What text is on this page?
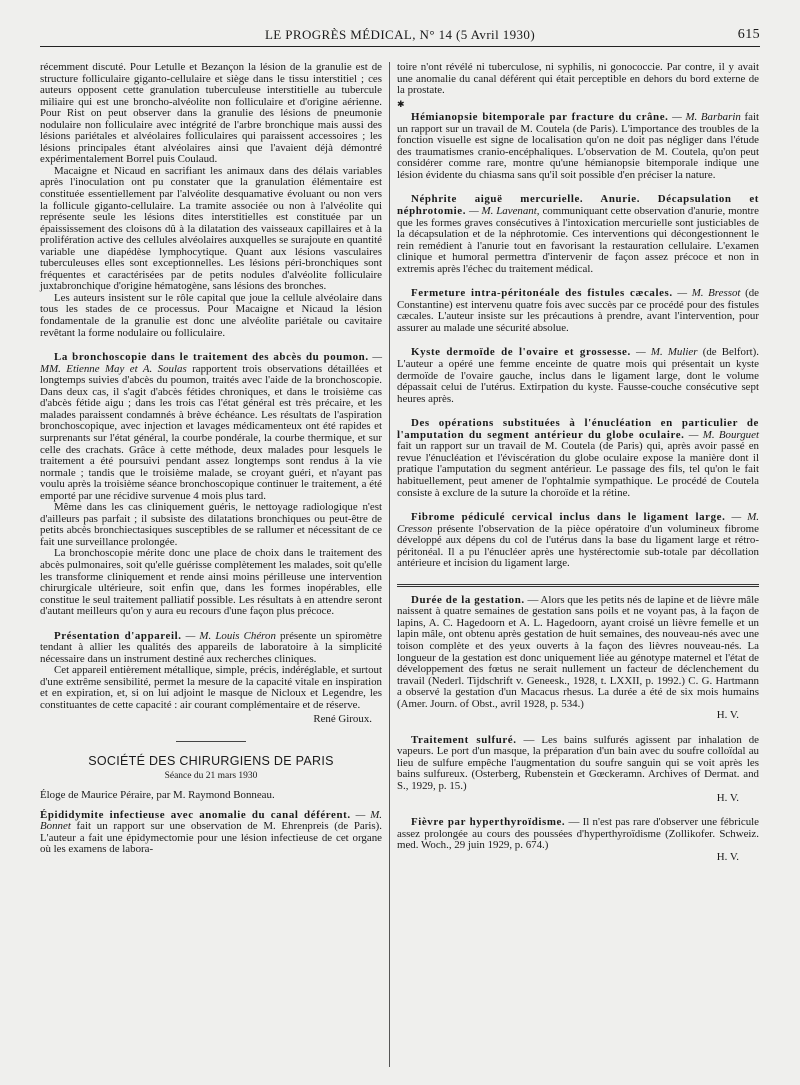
LE PROGRÈS MÉDICAL, N° 14 (5 Avril 1930)	615

récemment discuté. Pour Letulle et Bezançon la lésion de la granulie est de structure folliculaire giganto-cellulaire et siège dans le tissu interstitiel ; ces auteurs opposent cette granulation tuberculeuse interstitielle au tubercule miliaire qui est une broncho-alvéolite non folliculaire et d'origine aérienne. Pour Rist on peut observer dans la granulie des lésions de pneumonie nodulaire non folliculaire avec intégrité de l'arbre bronchique mais aussi des lésions pariétales et alvéolaires folliculaires qui paraissent accessoires ; les lésions principales étant alvéolaires ainsi que l'avaient déjà démontré expérimentalement Borrel puis Coulaud.

Macaigne et Nicaud en sacrifiant les animaux dans des délais variables après l'inoculation ont pu constater que la granulation élémentaire est constituée essentiellement par l'alvéolite desquamative évoluant ou non vers la follicule giganto-cellulaire. La tramite associée ou non à l'alvéolite qui représente seule les lésions dites interstitielles est constituée par un épaississement des cloisons dû à la dilatation des vaisseaux capillaires et à la prolifération active des cellules alvéolaires auxquelles se surajoute en quantité variable une diapédèse lymphocytique. Quant aux lésions vasculaires tuberculeuses elles sont exceptionnelles. Les lésions péri-bronchiques sont fréquentes et caractérisées par de petits nodules d'alvéolite folliculaire juxtabronchique d'origine hématogène, sans lésions des bronches.

Les auteurs insistent sur le rôle capital que joue la cellule alvéolaire dans tous les stades de ce processus. Pour Macaigne et Nicaud la lésion fondamentale de la granulie est donc une alvéolite pariétale ou cavitaire revêtant la forme nodulaire ou folliculaire.

La bronchoscopie dans le traitement des abcès du poumon. — MM. Etienne May et A. Soulas rapportent trois observations détaillées et longtemps suivies d'abcès du poumon, traités avec l'aide de la bronchoscopie. Dans deux cas, il s'agit d'abcès fétides chroniques, et dans le troisième cas d'abcès fétide aigu ; dans les trois cas l'état général est très précaire, et les malades paraissent condamnés à brève échéance. Les résultats de l'aspiration bronchoscopique, avec injection et lavages médicamenteux ont été rapides et surprenants sur l'état général, la courbe pondérale, la courbe thermique, et sur celle des crachats. Grâce à cette méthode, deux malades pour lesquels le traitement a été poursuivi pendant assez longtemps sont rendus à la vie normale ; tandis que le troisième malade, se croyant guéri, et n'ayant pas voulu après la troisième séance bronchoscopique continuer le traitement, a été emporté par une récidive survenue 4 mois plus tard.

Même dans les cas cliniquement guéris, le nettoyage radiologique n'est d'ailleurs pas parfait ; il subsiste des dilatations bronchiques ou peut-être de petits abcès bronchiectasiques susceptibles de se rallumer et nécessitant de ce fait une surveillance prolongée.

La bronchoscopie mérite donc une place de choix dans le traitement des abcès pulmonaires, soit qu'elle guérisse complètement les malades, soit qu'elle les transforme cliniquement et rende ainsi moins périlleuse une intervention chirurgicale ultérieure, soit enfin que, dans les formes inopérables, elle constitue le seul traitement palliatif possible. Les résultats à en attendre seront d'autant meilleurs qu'on y aura eu recours d'une façon plus précoce.

Présentation d'appareil. — M. Louis Chéron présente un spiromètre tendant à allier les qualités des appareils de laboratoire à la simplicité nécessaire dans un instrument destiné aux recherches cliniques.

Cet appareil entièrement métallique, simple, précis, indéréglable, et surtout d'une extrême sensibilité, permet la mesure de la capacité vitale en inspiration et en expiration, et, si on lui adjoint le masque de Nicloux et Legendre, les constituantes de cette capacité : air courant complémentaire et de réserve.

René Giroux.
SOCIÉTÉ DES CHIRURGIENS DE PARIS
Séance du 21 mars 1930

Éloge de Maurice Péraire, par M. Raymond Bonneau.

Épididymite infectieuse avec anomalie du canal déférent. — M. Bonnet fait un rapport sur une observation de M. Ehrenpreis (de Paris). L'auteur a fait une épidymectomie pour une lésion infectieuse de cet organe où les examens de labora-

toire n'ont révélé ni tuberculose, ni syphilis, ni gonococcie. Par contre, il y avait une anomalie du canal déférent qui était perceptible en dehors du bord externe de la prostate.

✱

Hémianopsie bitemporale par fracture du crâne. — M. Barbarin fait un rapport sur un travail de M. Coutela (de Paris). L'importance des troubles de la fonction visuelle est signe de localisation qu'on ne doit pas négliger dans l'étude des traumatismes cranio-encéphaliques. L'observation de M. Coutela, qu'on peut considérer comme rare, montre qu'une hémianopsie bitemporale indique une lésion évidente du chiasma sans qu'il soit possible d'en préciser la nature.

Néphrite aiguë mercurielle. Anurie. Décapsulation et néphrotomie. — M. Lavenant, communiquant cette observation d'anurie, montre que les formes graves consécutives à l'intoxication mercurielle sont justiciables de la décapsulation et de la néphrotomie. Ces interventions qui décongestionnent le rein remédient à l'anurie tout en favorisant la restauration cellulaire. L'examen clinique et humoral permettra d'intervenir de façon assez précoce et non in extremis après l'échec du traitement médical.

Fermeture intra-péritonéale des fistules cæcales. — M. Bressot (de Constantine) est intervenu quatre fois avec succès par ce procédé pour des fistules cæcales. L'auteur insiste sur les précautions à prendre, avant l'intervention, pour assurer au malade une sécurité absolue.

Kyste dermoïde de l'ovaire et grossesse. — M. Mulier (de Belfort). L'auteur a opéré une femme enceinte de quatre mois qui présentait un kyste dermoïde de l'ovaire gauche, inclus dans le ligament large, dont le volume dépassait celui de l'utérus. Extirpation du kyste. Fausse-couche consécutive sept heures après.

Des opérations substituées à l'énucléation en particulier de l'amputation du segment antérieur du globe oculaire. — M. Bourguet fait un rapport sur un travail de M. Coutela (de Paris) qui, après avoir passé en revue l'énucléation et l'éviscération du globe oculaire expose la manière dont il pratique l'amputation du segment antérieur. Le passage des fils, tel qu'on le fait habituellement, peut amener de l'ophtalmie sympathique. Le procédé de Coutela consiste à exclure de la suture la choroïde et la rétine.

Fibrome pédiculé cervical inclus dans le ligament large. — M. Cresson présente l'observation de la pièce opératoire d'un volumineux fibrome développé aux dépens du col de l'utérus dans la base du ligament large et rétro-péritonéal. Il a pu l'énucléer après une hystérectomie sub-totale par décollation antérieure et incision du ligament large.

Durée de la gestation. — Alors que les petits nés de lapine et de lièvre mâle naissent à quatre semaines de gestation sans poils et ne voyant pas, à la façon de lapins, A. C. Hagedoorn et A. L. Hagedoorn, ayant croisé un lièvre femelle et un lapin mâle, ont obtenu après gestation de huit semaines, des nouveau-nés avec une toison complète et des yeux ouverts à la façon des lièvres nouveau-nés. La longueur de la gestation est donc uniquement liée au génotype maternel et l'état de développement des fœtus ne serait nullement un facteur de déclenchement du travail (Nederl. Tijdschrift v. Geneesk., 1928, t. LXXII, p. 1992.) C. G. Hartmann a observé la gestation d'un Macacus rhesus. La durée a été de six mois humains (Amer. Journ. of Obst., avril 1928, p. 534.)

H. V.

Traitement sulfuré. — Les bains sulfurés agissent par inhalation de vapeurs. Le port d'un masque, la préparation d'un bain avec du soufre colloïdal au lieu de sulfure empêche l'augmentation du soufre sanguin qui se voit après les bains sulfureux. (Osterberg, Rubenstein et Gœckeramn. Archives of Dermat. and S., 1929, p. 15.)

H. V.

Fièvre par hyperthyroïdisme. — Il n'est pas rare d'observer une fébricule assez prolongée au cours des poussées d'hyperthyroïdisme (Zollikofer. Schweiz. med. Woch., 29 juin 1929, p. 674.)

H. V.
